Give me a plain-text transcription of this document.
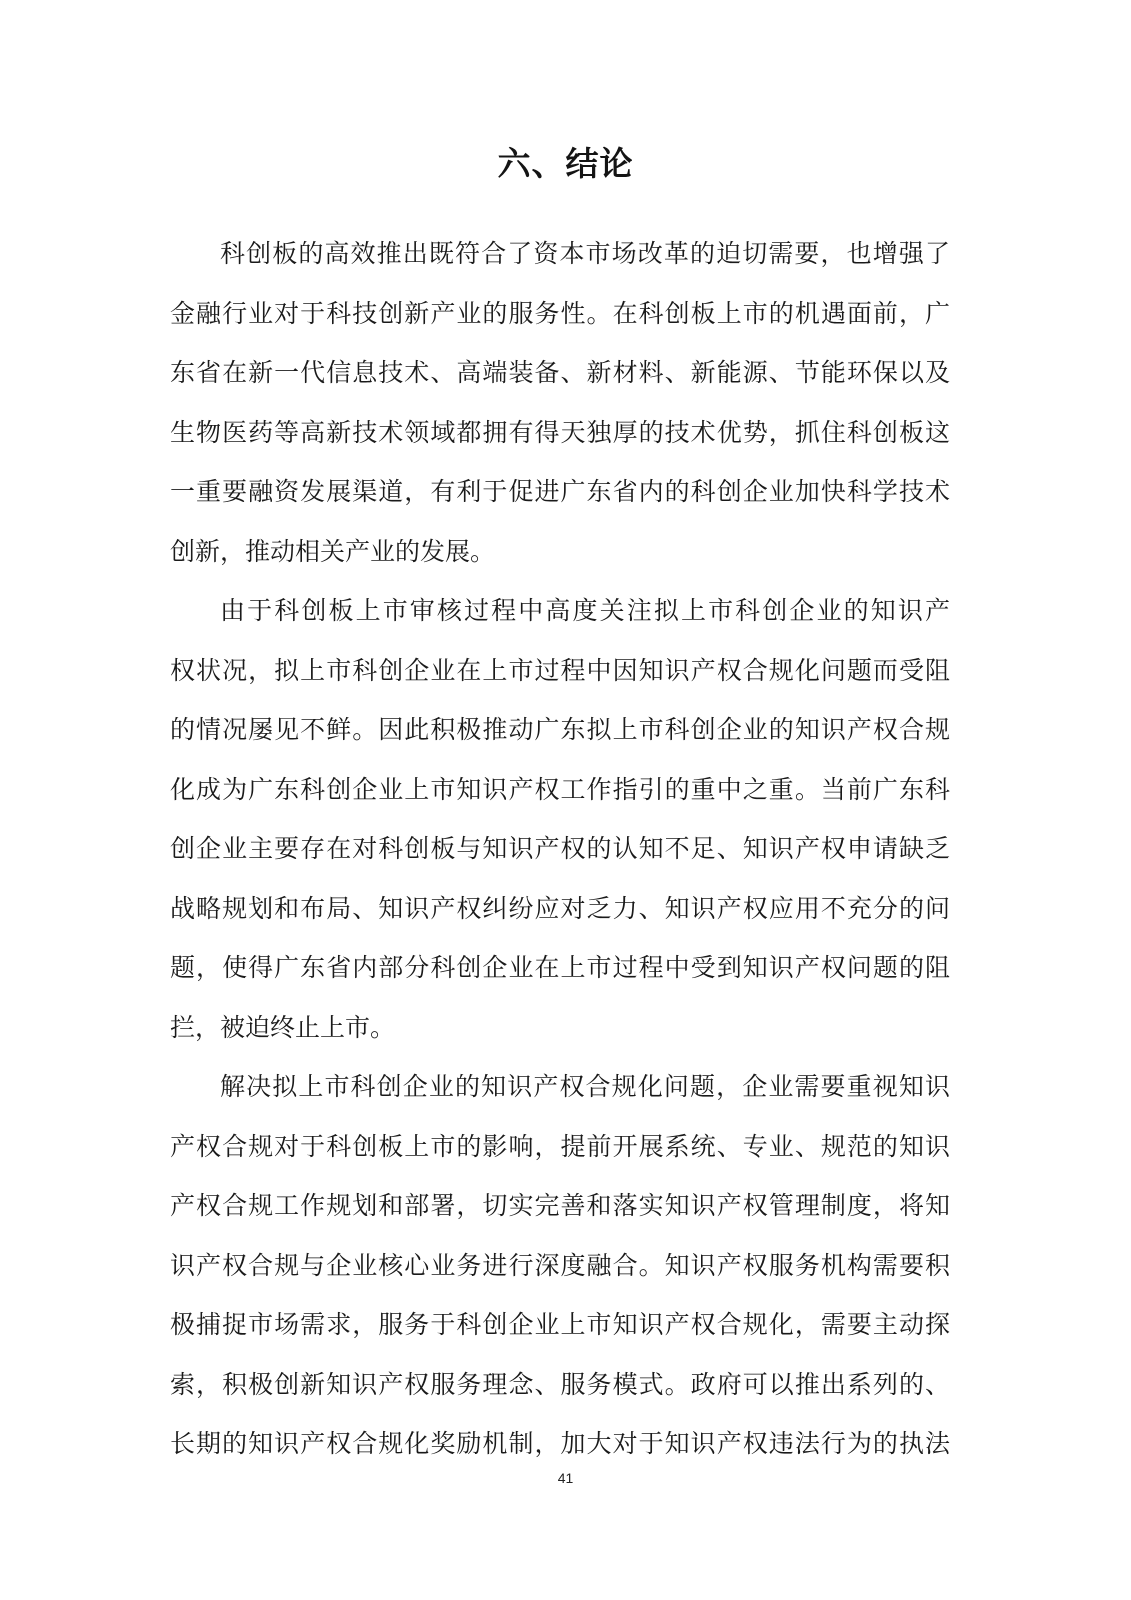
六、结论
科创板的高效推出既符合了资本市场改革的迫切需要，也增强了
金融行业对于科技创新产业的服务性。在科创板上市的机遇面前，广
东省在新一代信息技术、高端装备、新材料、新能源、节能环保以及
生物医药等高新技术领域都拥有得天独厚的技术优势，抓住科创板这
一重要融资发展渠道，有利于促进广东省内的科创企业加快科学技术
创新，推动相关产业的发展。
由于科创板上市审核过程中高度关注拟上市科创企业的知识产
权状况，拟上市科创企业在上市过程中因知识产权合规化问题而受阻
的情况屡见不鲜。因此积极推动广东拟上市科创企业的知识产权合规
化成为广东科创企业上市知识产权工作指引的重中之重。当前广东科
创企业主要存在对科创板与知识产权的认知不足、知识产权申请缺乏
战略规划和布局、知识产权纠纷应对乏力、知识产权应用不充分的问
题，使得广东省内部分科创企业在上市过程中受到知识产权问题的阻
拦，被迫终止上市。
解决拟上市科创企业的知识产权合规化问题，企业需要重视知识
产权合规对于科创板上市的影响，提前开展系统、专业、规范的知识
产权合规工作规划和部署，切实完善和落实知识产权管理制度，将知
识产权合规与企业核心业务进行深度融合。知识产权服务机构需要积
极捕捉市场需求，服务于科创企业上市知识产权合规化，需要主动探
索，积极创新知识产权服务理念、服务模式。政府可以推出系列的、
长期的知识产权合规化奖励机制，加大对于知识产权违法行为的执法
41
